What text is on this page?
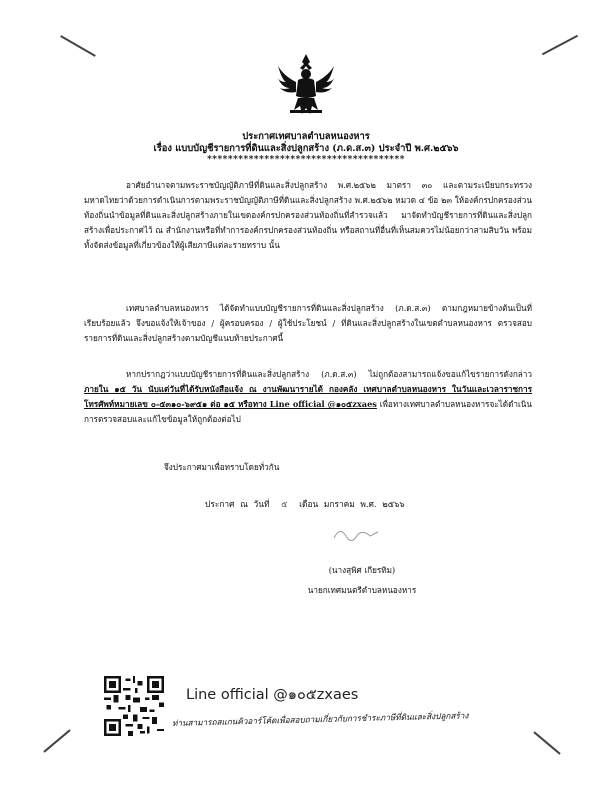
ประกาศเทศบาลตำบลหนองหาร
เรื่อง แบบบัญชีรายการที่ดินและสิ่งปลูกสร้าง (ภ.ด.ส.๓) ประจำปี พ.ศ.๒๕๖๖
**************************************
อาศัยอำนาจตามพระราชบัญญัติภาษีที่ดินและสิ่งปลูกสร้าง พ.ศ.๒๕๖๒ มาตรา ๓๐ และตามระเบียบกระทรวงมหาดไทยว่าด้วยการดำเนินการตามพระราชบัญญัติภาษีที่ดินและสิ่งปลูกสร้าง พ.ศ.๒๕๖๒ หมวด ๔ ข้อ ๒๓ ให้องค์กรปกครองส่วนท้องถิ่นนำข้อมูลที่ดินและสิ่งปลูกสร้างภายในเขตองค์กรปกครองส่วนท้องถิ่นที่สำรวจแล้ว มาจัดทำบัญชีรายการที่ดินและสิ่งปลูกสร้างเพื่อประกาศไว้ ณ สำนักงานหรือที่ทำการองค์กรปกครองส่วนท้องถิ่น หรือสถานที่อื่นที่เห็นสมควรไม่น้อยกว่าสามสิบวัน พร้อมทั้งจัดส่งข้อมูลที่เกี่ยวข้องให้ผู้เสียภาษีแต่ละรายทราบ นั้น
เทศบาลตำบลหนองหาร ได้จัดทำแบบบัญชีรายการที่ดินและสิ่งปลูกสร้าง (ภ.ด.ส.๓) ตามกฎหมายข้างต้นเป็นที่เรียบร้อยแล้ว จึงขอแจ้งให้เจ้าของ / ผู้ครอบครอง / ผู้ใช้ประโยชน์ / ที่ดินและสิ่งปลูกสร้างในเขตตำบลหนองหาร ตรวจสอบรายการที่ดินและสิ่งปลูกสร้างตามบัญชีแนบท้ายประกาศนี้
หากปรากฏว่าแบบบัญชีรายการที่ดินและสิ่งปลูกสร้าง (ภ.ด.ส.๓) ไม่ถูกต้องสามารถแจ้งขอแก้ไขรายการดังกล่าว ภายใน ๑๕ วัน นับแต่วันที่ได้รับหนังสือแจ้ง ณ งานพัฒนารายได้ กองคลัง เทศบาลตำบลหนองหาร ในวันและเวลาราชการ โทรศัพท์หมายเลข ๐-๕๓๑๐-๖๙๕๑ ต่อ ๑๕ หรือทาง Line official @๑๐๕zxaes เพื่อทางเทศบาลตำบลหนองหารจะได้ดำเนินการตรวจสอบและแก้ไขข้อมูลให้ถูกต้องต่อไป
จึงประกาศมาเพื่อทราบโดยทั่วกัน
ประกาศ ณ วันที่ ๕ เดือน มกราคม พ.ศ. ๒๕๖๖
(นางสุพิศ เกียรทิม)
นายกเทศมนตรีตำบลหนองหาร
Line official @๑๐๕zxaes
ท่านสามารถสแกนคิวอาร์โค้ดเพื่อสอบถามเกี่ยวกับการชำระภาษีที่ดินและสิ่งปลูกสร้าง
